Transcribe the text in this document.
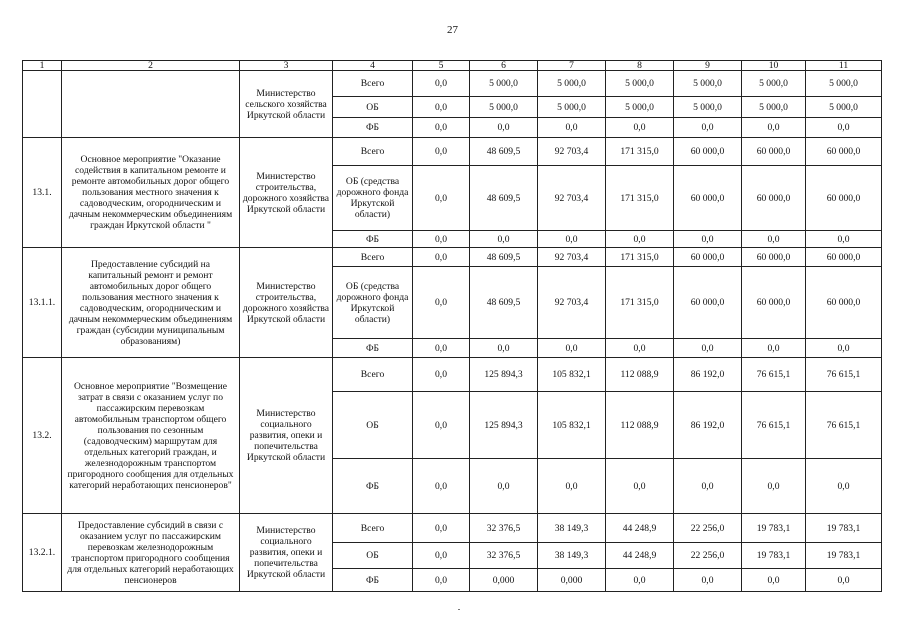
27
1	2	3	4	5	6	7	8	9	10	11
		Министерство сельского хозяйства Иркутской области	Всего	0,0	5 000,0	5 000,0	5 000,0	5 000,0	5 000,0	5 000,0
			ОБ	0,0	5 000,0	5 000,0	5 000,0	5 000,0	5 000,0	5 000,0
			ФБ	0,0	0,0	0,0	0,0	0,0	0,0	0,0
13.1.	Основное мероприятие "Оказание содействия в капитальном ремонте и ремонте автомобильных дорог общего пользования местного значения к садоводческим, огородническим и дачным некоммерческим объединениям граждан Иркутской области "	Министерство строительства, дорожного хозяйства Иркутской области	Всего	0,0	48 609,5	92 703,4	171 315,0	60 000,0	60 000,0	60 000,0
			ОБ (средства дорожного фонда Иркутской области)	0,0	48 609,5	92 703,4	171 315,0	60 000,0	60 000,0	60 000,0
			ФБ	0,0	0,0	0,0	0,0	0,0	0,0	0,0
13.1.1.	Предоставление субсидий на капитальный ремонт и ремонт автомобильных дорог общего пользования местного значения к садоводческим, огородническим и дачным некоммерческим объединениям граждан (субсидии муниципальным образованиям)	Министерство строительства, дорожного хозяйства Иркутской области	Всего	0,0	48 609,5	92 703,4	171 315,0	60 000,0	60 000,0	60 000,0
			ОБ (средства дорожного фонда Иркутской области)	0,0	48 609,5	92 703,4	171 315,0	60 000,0	60 000,0	60 000,0
			ФБ	0,0	0,0	0,0	0,0	0,0	0,0	0,0
13.2.	Основное мероприятие "Возмещение затрат в связи с оказанием услуг по пассажирским перевозкам автомобильным транспортом общего пользования по сезонным (садоводческим) маршрутам для отдельных категорий граждан, и железнодорожным транспортом пригородного сообщения для отдельных категорий неработающих пенсионеров"	Министерство социального развития, опеки и попечительства Иркутской области	Всего	0,0	125 894,3	105 832,1	112 088,9	86 192,0	76 615,1	76 615,1
			ОБ	0,0	125 894,3	105 832,1	112 088,9	86 192,0	76 615,1	76 615,1
			ФБ	0,0	0,0	0,0	0,0	0,0	0,0	0,0
13.2.1.	Предоставление субсидий в связи с оказанием услуг по пассажирским перевозкам железнодорожным транспортом пригородного сообщения для отдельных категорий неработающих пенсионеров	Министерство социального развития, опеки и попечительства Иркутской области	Всего	0,0	32 376,5	38 149,3	44 248,9	22 256,0	19 783,1	19 783,1
			ОБ	0,0	32 376,5	38 149,3	44 248,9	22 256,0	19 783,1	19 783,1
			ФБ	0,0	0,000	0,000	0,0	0,0	0,0	0,0
